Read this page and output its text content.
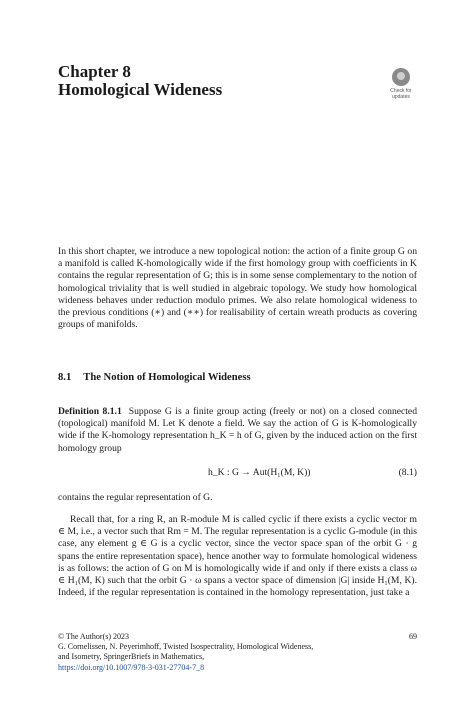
Chapter 8
Homological Wideness	Check for
updates
In this short chapter, we introduce a new topological notion: the action of a finite group G on a manifold is called K-homologically wide if the first homology group with coefficients in K contains the regular representation of G; this is in some sense complementary to the notion of homological triviality that is well studied in algebraic topology. We study how homological wideness behaves under reduction modulo primes. We also relate homological wideness to the previous conditions (∗) and (∗∗) for realisability of certain wreath products as covering groups of manifolds.
8.1 The Notion of Homological Wideness
Definition 8.1.1 Suppose G is a finite group acting (freely or not) on a closed connected (topological) manifold M. Let K denote a field. We say the action of G is K-homologically wide if the K-homology representation h_K = h of G, given by the induced action on the first homology group
h_K : G → Aut(H₁(M, K))	(8.1)
contains the regular representation of G.
Recall that, for a ring R, an R-module M is called cyclic if there exists a cyclic vector m ∈ M, i.e., a vector such that Rm = M. The regular representation is a cyclic G-module (in this case, any element g ∈ G is a cyclic vector, since the vector space span of the orbit G · g spans the entire representation space), hence another way to formulate homological wideness is as follows: the action of G on M is homologically wide if and only if there exists a class ω ∈ H₁(M, K) such that the orbit G · ω spans a vector space of dimension |G| inside H₁(M, K). Indeed, if the regular representation is contained in the homology representation, just take a
© The Author(s) 2023	69
G. Cornelissen, N. Peyerimhoff, Twisted Isospectrality, Homological Wideness,
and Isometry, SpringerBriefs in Mathematics,
https://doi.org/10.1007/978-3-031-27704-7_8
